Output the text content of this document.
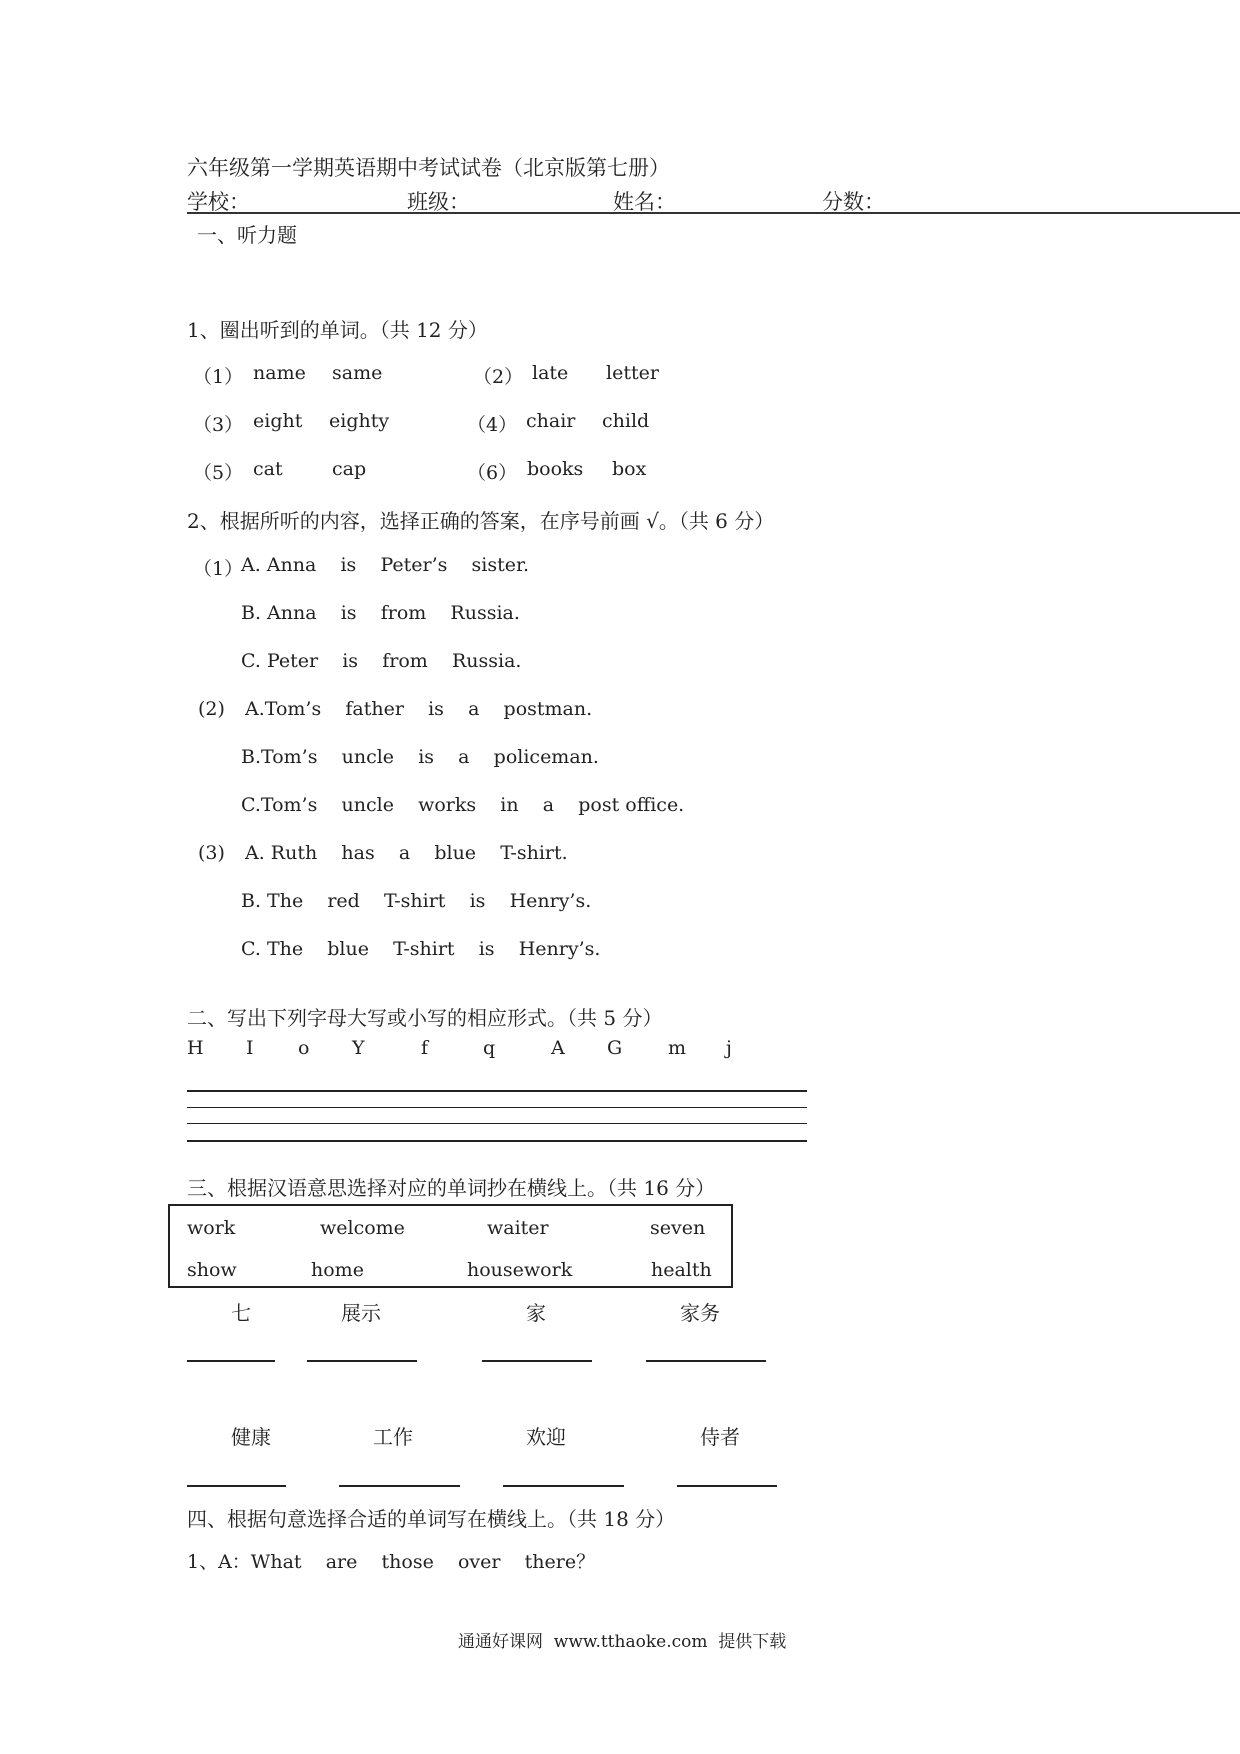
六年级第一学期英语期中考试试卷（北京版第七册）
学校：	班级：	姓名：	分数：
一、听力题
1、圈出听到的单词。（共 12 分）
（1） name same	（2） late letter
（3） eight eighty	（4） chair child
（5） cat	cap	（6） books box
2、根据所听的内容，选择正确的答案，在序号前画 √。（共 6 分）
（1）
A. Anna    is    Peter’s    sister.
B. Anna    is    from    Russia.
C. Peter    is    from    Russia.
(2) A.Tom’s    father    is    a    postman.
B.Tom’s    uncle    is    a    policeman.
C.Tom’s    uncle    works    in    a    post office.
(3) A. Ruth    has    a    blue    T-shirt.
B. The    red    T-shirt    is    Henry’s.
C. The    blue    T-shirt    is    Henry’s.
二、写出下列字母大写或小写的相应形式。（共 5 分）
H I o Y	f	q	A G m j
三、根据汉语意思选择对应的单词抄在横线上。（共 16 分）
work	welcome	waiter	seven
show	home	housework	health
七	展示	家	家务
健康	工作	欢迎	侍者
四、根据句意选择合适的单词写在横线上。（共 18 分）
1、A：What    are    those    over    there？
通通好课网  www.tthaoke.com  提供下载
